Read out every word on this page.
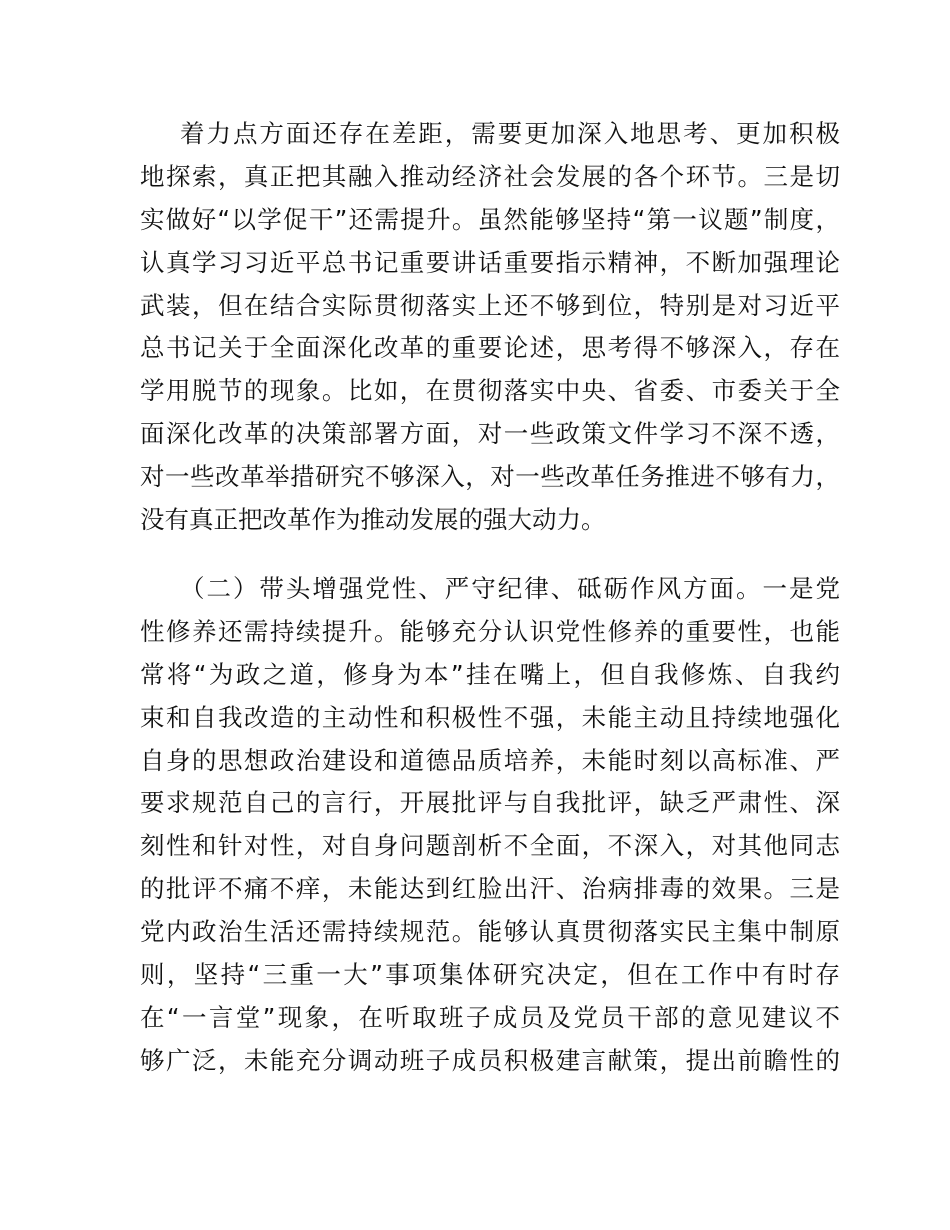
着力点方面还存在差距，需要更加深入地思考、更加积极
地探索，真正把其融入推动经济社会发展的各个环节。三是切
实做好“以学促干”还需提升。虽然能够坚持“第一议题”制度，
认真学习习近平总书记重要讲话重要指示精神，不断加强理论
武装，但在结合实际贯彻落实上还不够到位，特别是对习近平
总书记关于全面深化改革的重要论述，思考得不够深入，存在
学用脱节的现象。比如，在贯彻落实中央、省委、市委关于全
面深化改革的决策部署方面，对一些政策文件学习不深不透，
对一些改革举措研究不够深入，对一些改革任务推进不够有力，
没有真正把改革作为推动发展的强大动力。
（二）带头增强党性、严守纪律、砥砺作风方面。一是党
性修养还需持续提升。能够充分认识党性修养的重要性，也能
常将“为政之道，修身为本”挂在嘴上，但自我修炼、自我约
束和自我改造的主动性和积极性不强，未能主动且持续地强化
自身的思想政治建设和道德品质培养，未能时刻以高标准、严
要求规范自己的言行，开展批评与自我批评，缺乏严肃性、深
刻性和针对性，对自身问题剖析不全面，不深入，对其他同志
的批评不痛不痒，未能达到红脸出汗、治病排毒的效果。三是
党内政治生活还需持续规范。能够认真贯彻落实民主集中制原
则，坚持“三重一大”事项集体研究决定，但在工作中有时存
在“一言堂”现象，在听取班子成员及党员干部的意见建议不
够广泛，未能充分调动班子成员积极建言献策，提出前瞻性的
